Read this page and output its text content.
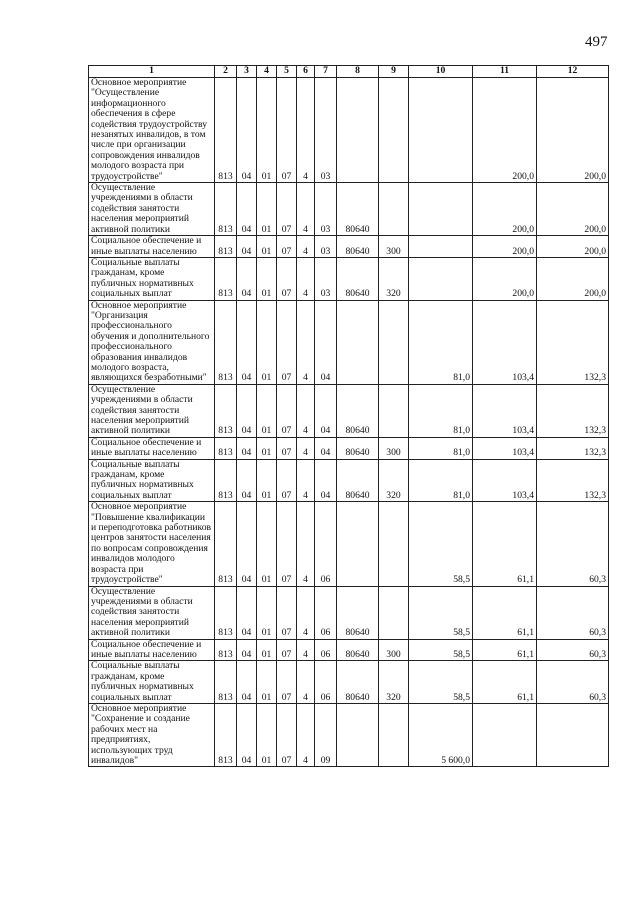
497
1	2	3	4	5	6	7	8	9	10	11	12
Основное мероприятие "Осуществление информационного обеспечения в сфере содействия трудоустройству незанятых инвалидов, в том числе при организации сопровождения инвалидов молодого возраста при трудоустройстве"	813	04	01	07	4	03				200,0	200,0
Осуществление учреждениями в области содействия занятости населения мероприятий активной политики	813	04	01	07	4	03	80640			200,0	200,0
Социальное обеспечение и иные выплаты населению	813	04	01	07	4	03	80640	300		200,0	200,0
Социальные выплаты гражданам, кроме публичных нормативных социальных выплат	813	04	01	07	4	03	80640	320		200,0	200,0
Основное мероприятие "Организация профессионального обучения и дополнительного профессионального образования инвалидов молодого возраста, являющихся безработными"	813	04	01	07	4	04			81,0	103,4	132,3
Осуществление учреждениями в области содействия занятости населения мероприятий активной политики	813	04	01	07	4	04	80640		81,0	103,4	132,3
Социальное обеспечение и иные выплаты населению	813	04	01	07	4	04	80640	300	81,0	103,4	132,3
Социальные выплаты гражданам, кроме публичных нормативных социальных выплат	813	04	01	07	4	04	80640	320	81,0	103,4	132,3
Основное мероприятие "Повышение квалификации и переподготовка работников центров занятости населения по вопросам сопровождения инвалидов молодого возраста при трудоустройстве"	813	04	01	07	4	06			58,5	61,1	60,3
Осуществление учреждениями в области содействия занятости населения мероприятий активной политики	813	04	01	07	4	06	80640		58,5	61,1	60,3
Социальное обеспечение и иные выплаты населению	813	04	01	07	4	06	80640	300	58,5	61,1	60,3
Социальные выплаты гражданам, кроме публичных нормативных социальных выплат	813	04	01	07	4	06	80640	320	58,5	61,1	60,3
Основное мероприятие "Сохранение и создание рабочих мест на предприятиях, использующих труд инвалидов"	813	04	01	07	4	09			5 600,0		
